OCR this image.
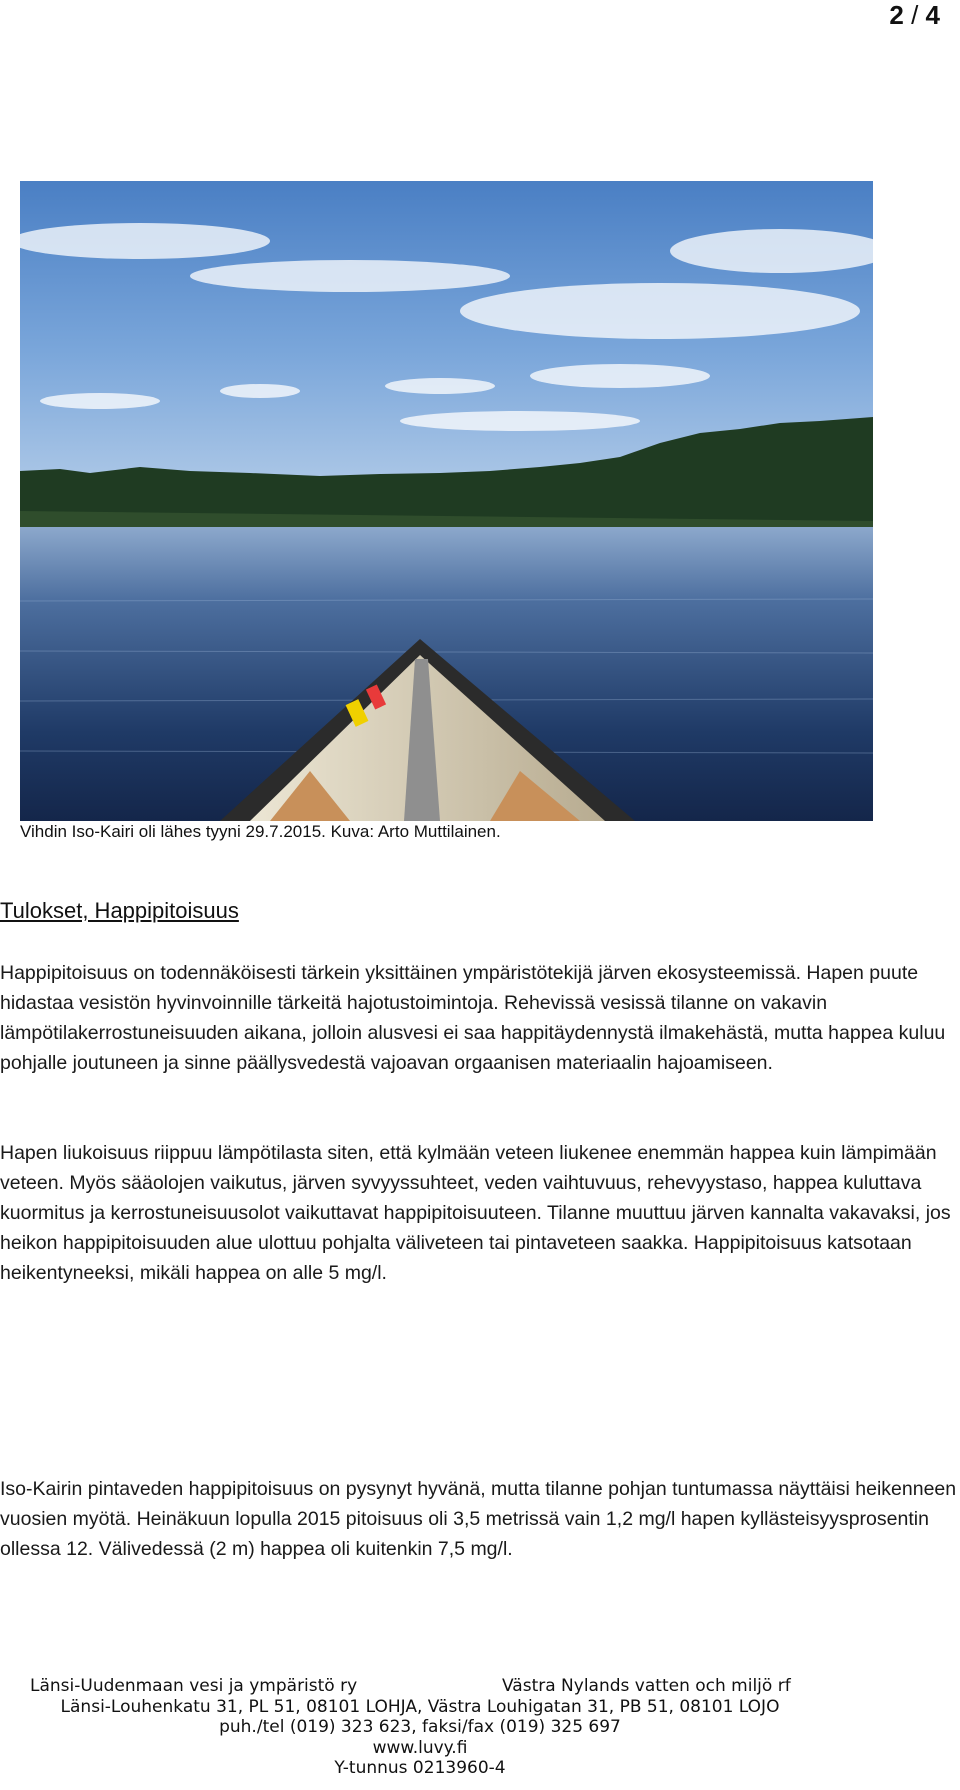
2 / 4
Vihdin Iso-Kairi oli lähes tyyni 29.7.2015. Kuva: Arto Muttilainen.
Tulokset, Happipitoisuus

Happipitoisuus on todennäköisesti tärkein yksittäinen ympäristötekijä järven ekosysteemissä. Hapen puute hidastaa vesistön hyvinvoinnille tärkeitä hajotustoimintoja. Rehevissä vesissä tilanne on vakavin lämpötilakerrostuneisuuden aikana, jolloin alusvesi ei saa happitäydennystä ilmakehästä, mutta happea kuluu pohjalle joutuneen ja sinne päällysvedestä vajoavan orgaanisen materiaalin hajoamiseen.

Hapen liukoisuus riippuu lämpötilasta siten, että kylmään veteen liukenee enemmän happea kuin lämpimään veteen. Myös sääolojen vaikutus, järven syvyyssuhteet, veden vaihtuvuus, rehevyystaso, happea kuluttava kuormitus ja kerrostuneisuusolot vaikuttavat happipitoisuuteen. Tilanne muuttuu järven kannalta vakavaksi, jos heikon happipitoisuuden alue ulottuu pohjalta väliveteen tai pintaveteen saakka. Happipitoisuus katsotaan heikentyneeksi, mikäli happea on alle 5 mg/l.

Iso-Kairin pintaveden happipitoisuus on pysynyt hyvänä, mutta tilanne pohjan tuntumassa näyttäisi heikenneen vuosien myötä. Heinäkuun lopulla 2015 pitoisuus oli 3,5 metrissä vain 1,2 mg/l hapen kyllästeisyysprosentin ollessa 12. Välivedessä (2 m) happea oli kuitenkin 7,5 mg/l.

Länsi-Uudenmaan vesi ja ympäristö ry	Västra Nylands vatten och miljö rf
Länsi-Louhenkatu 31, PL 51, 08101 LOHJA, Västra Louhigatan 31, PB 51, 08101 LOJO
puh./tel (019) 323 623, faksi/fax (019) 325 697
www.luvy.fi
Y-tunnus 0213960-4
